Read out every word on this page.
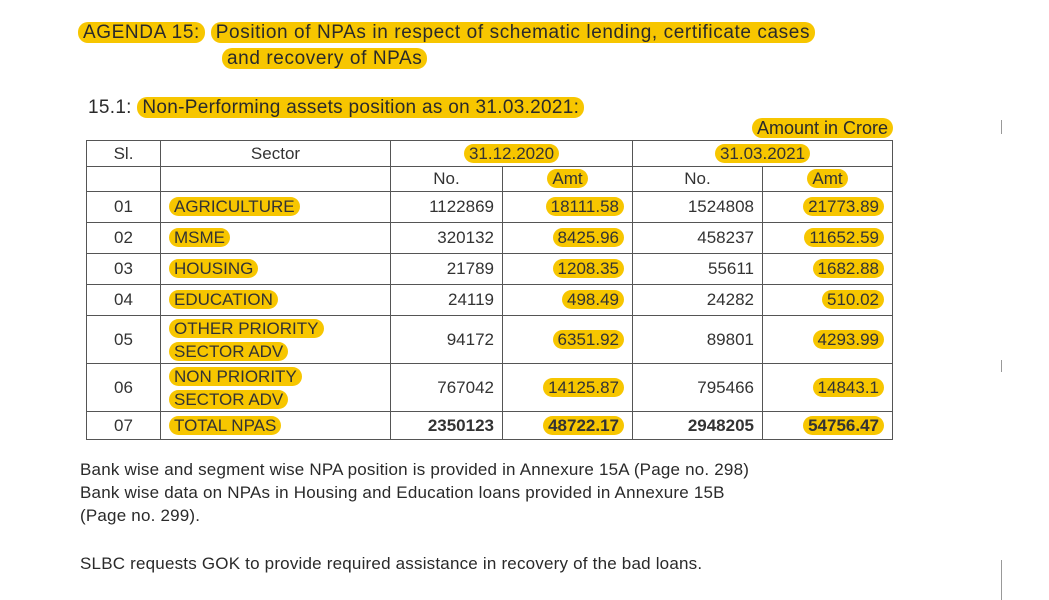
AGENDA 15: Position of NPAs in respect of schematic lending, certificate cases
and recovery of NPAs
15.1: Non-Performing assets position as on 31.03.2021:
Amount in Crore
Sl.	Sector	31.12.2020		31.03.2021	
		No.	Amt	No.	Amt
01	AGRICULTURE	1122869	18111.58	1524808	21773.89
02	MSME	320132	8425.96	458237	11652.59
03	HOUSING	21789	1208.35	55611	1682.88
04	EDUCATION	24119	498.49	24282	510.02
05	OTHER PRIORITY
SECTOR ADV	94172	6351.92	89801	4293.99
06	NON PRIORITY
SECTOR ADV	767042	14125.87	795466	14843.1
07	TOTAL NPAS	2350123	48722.17	2948205	54756.47
Bank wise and segment wise NPA position is provided in Annexure 15A (Page no. 298)
Bank wise data on NPAs in Housing and Education loans provided in Annexure 15B
(Page no. 299).
SLBC requests GOK to provide required assistance in recovery of the bad loans.
